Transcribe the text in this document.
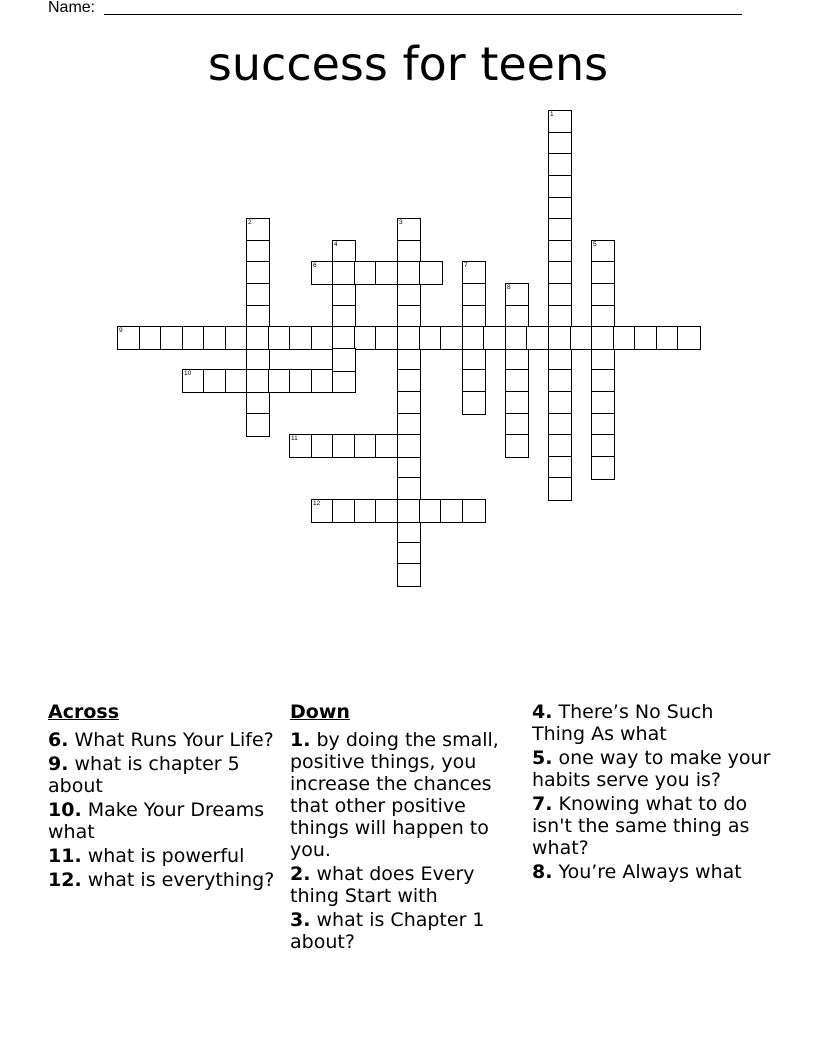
Name:
success for teens
1
2	3
4	5
6	7
8
9
10
11
12
Across
6. What Runs Your Life?
9. what is chapter 5 about
10. Make Your Dreams what
11. what is powerful
12. what is everything?
Down
1. by doing the small, positive things, you increase the chances that other positive things will happen to you.
2. what does Every thing Start with
3. what is Chapter 1 about?
4. There’s No Such Thing As what
5. one way to make your habits serve you is?
7. Knowing what to do isn't the same thing as what?
8. You’re Always what
